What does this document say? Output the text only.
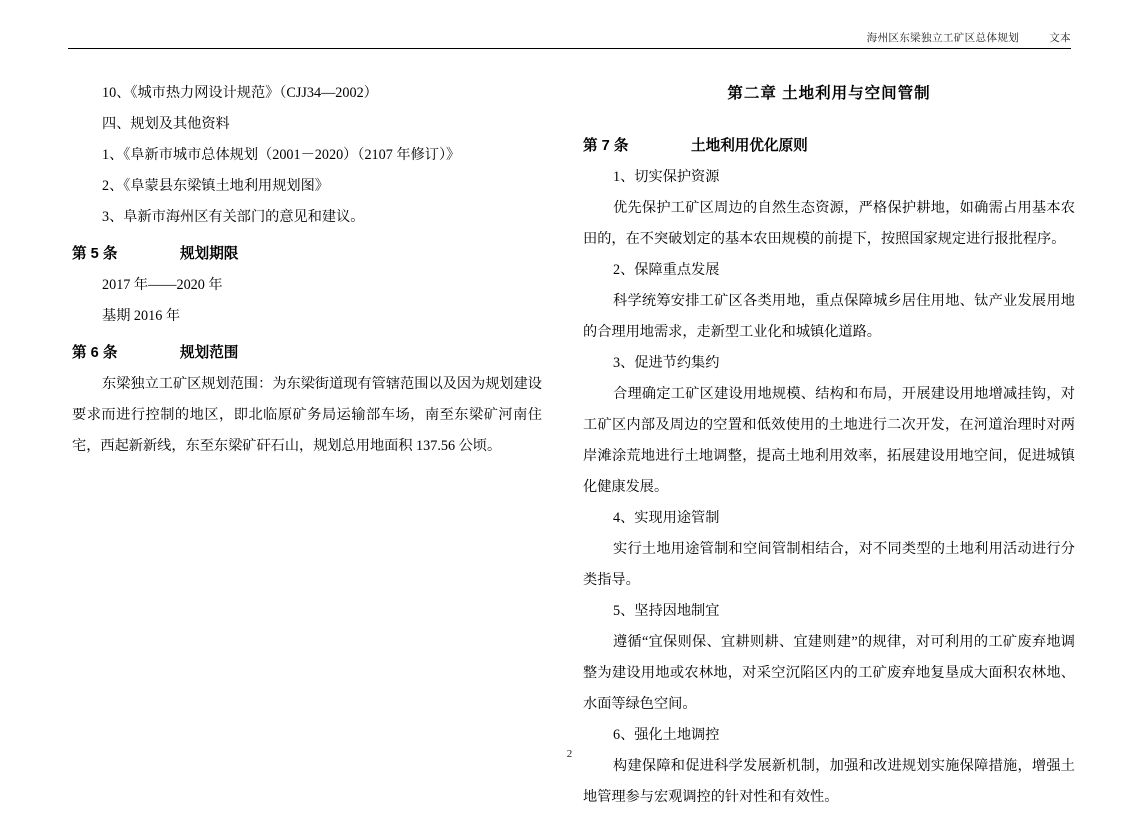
海州区东梁独立工矿区总体规划	文本

10、《城市热力网设计规范》（CJJ34—2002）

四、规划及其他资料

1、《阜新市城市总体规划（2001－2020）（2107 年修订）》

2、《阜蒙县东梁镇土地利用规划图》

3、阜新市海州区有关部门的意见和建议。

第 5 条	规划期限

2017 年——2020 年

基期 2016 年

第 6 条	规划范围

东梁独立工矿区规划范围：为东梁街道现有管辖范围以及因为规划建设要求而进行控制的地区，即北临原矿务局运输部车场，南至东梁矿河南住宅，西起新新线，东至东梁矿矸石山，规划总用地面积 137.56 公顷。

第二章 土地利用与空间管制
第 7 条	土地利用优化原则

1、切实保护资源

优先保护工矿区周边的自然生态资源，严格保护耕地，如确需占用基本农田的，在不突破划定的基本农田规模的前提下，按照国家规定进行报批程序。

2、保障重点发展

科学统筹安排工矿区各类用地，重点保障城乡居住用地、钛产业发展用地的合理用地需求，走新型工业化和城镇化道路。

3、促进节约集约

合理确定工矿区建设用地规模、结构和布局，开展建设用地增减挂钩，对工矿区内部及周边的空置和低效使用的土地进行二次开发，在河道治理时对两岸滩涂荒地进行土地调整，提高土地利用效率，拓展建设用地空间，促进城镇化健康发展。

4、实现用途管制

实行土地用途管制和空间管制相结合，对不同类型的土地利用活动进行分类指导。

5、坚持因地制宜

遵循“宜保则保、宜耕则耕、宜建则建”的规律，对可利用的工矿废弃地调整为建设用地或农林地，对采空沉陷区内的工矿废弃地复垦成大面积农林地、水面等绿色空间。

6、强化土地调控

构建保障和促进科学发展新机制，加强和改进规划实施保障措施，增强土地管理参与宏观调控的针对性和有效性。

2
